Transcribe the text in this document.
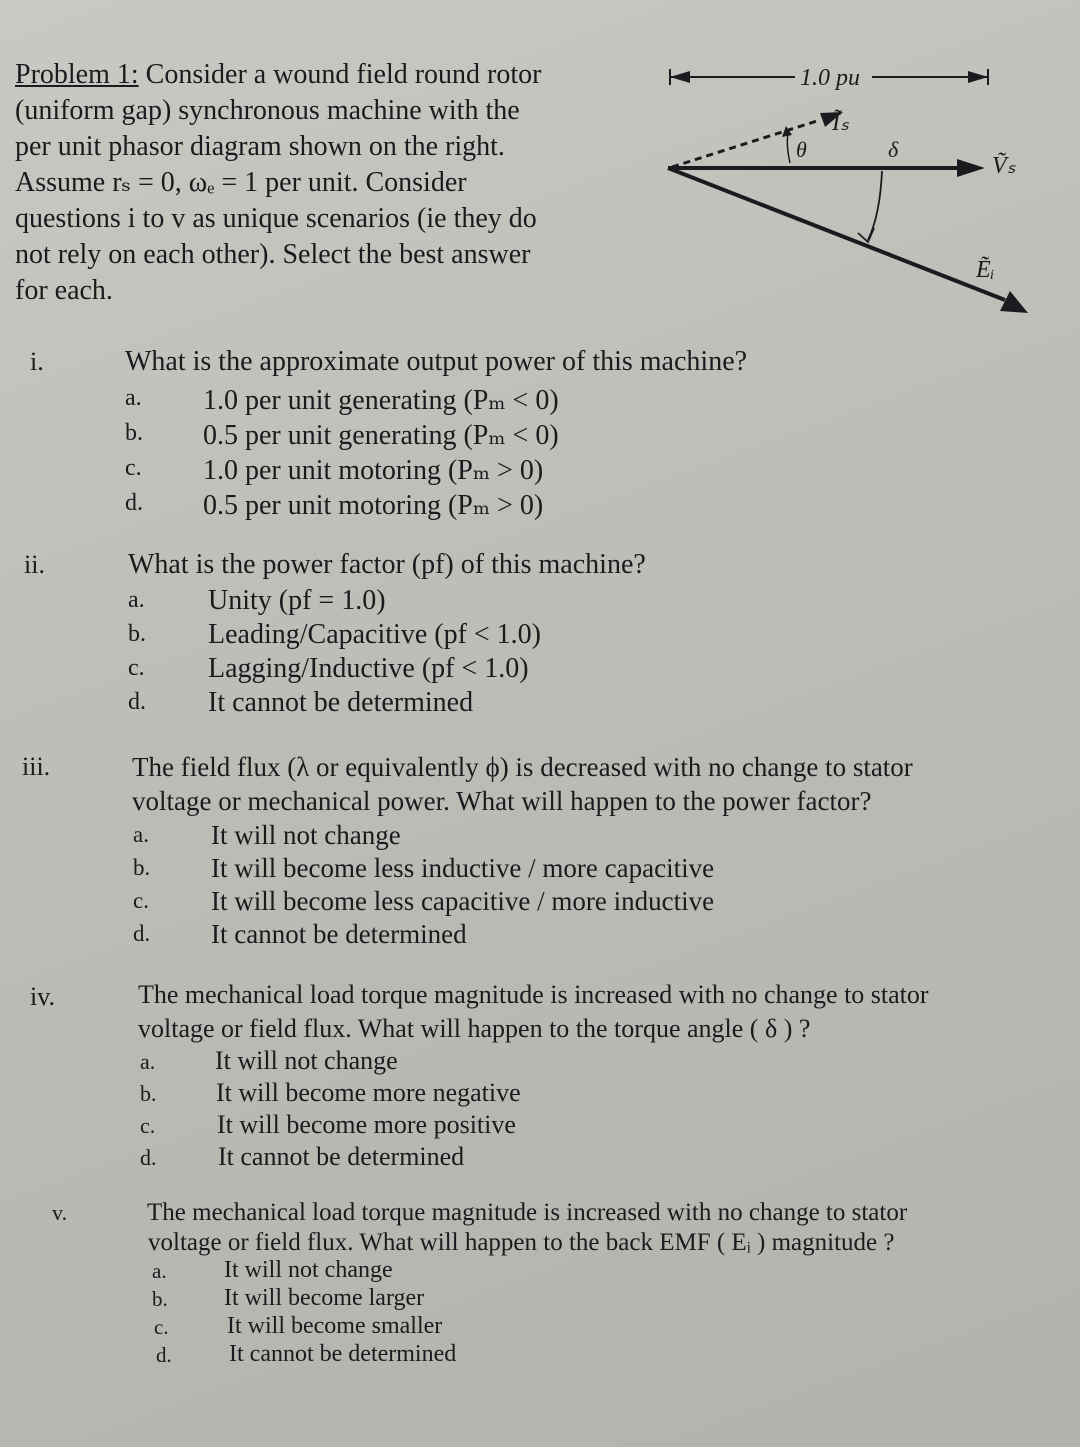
Problem 1: Consider a wound field round rotor
(uniform gap) synchronous machine with the
per unit phasor diagram shown on the right.
Assume rₛ = 0, ωₑ = 1 per unit. Consider
questions i to v as unique scenarios (ie they do
not rely on each other). Select the best answer
for each.
1.0 pu
Ĩₛ
θ
Ṽₛ
δ
Ẽᵢ
i.	What is the approximate output power of this machine?
a. 1.0 per unit generating (Pₘ < 0)
b. 0.5 per unit generating (Pₘ < 0)
c. 1.0 per unit motoring (Pₘ > 0)
d. 0.5 per unit motoring (Pₘ > 0)
ii.	What is the power factor (pf) of this machine?
a. Unity (pf = 1.0)
b. Leading/Capacitive (pf < 1.0)
c. Lagging/Inductive (pf < 1.0)
d. It cannot be determined
iii.	The field flux (λ or equivalently ϕ) is decreased with no change to stator
voltage or mechanical power. What will happen to the power factor?
a. It will not change
b. It will become less inductive / more capacitive
c. It will become less capacitive / more inductive
d. It cannot be determined
iv.	The mechanical load torque magnitude is increased with no change to stator
voltage or field flux. What will happen to the torque angle ( δ ) ?
a. It will not change
b. It will become more negative
c. It will become more positive
d. It cannot be determined
v.	The mechanical load torque magnitude is increased with no change to stator
voltage or field flux. What will happen to the back EMF ( Eᵢ ) magnitude ?
a. It will not change
b. It will become larger
c. It will become smaller
d. It cannot be determined
